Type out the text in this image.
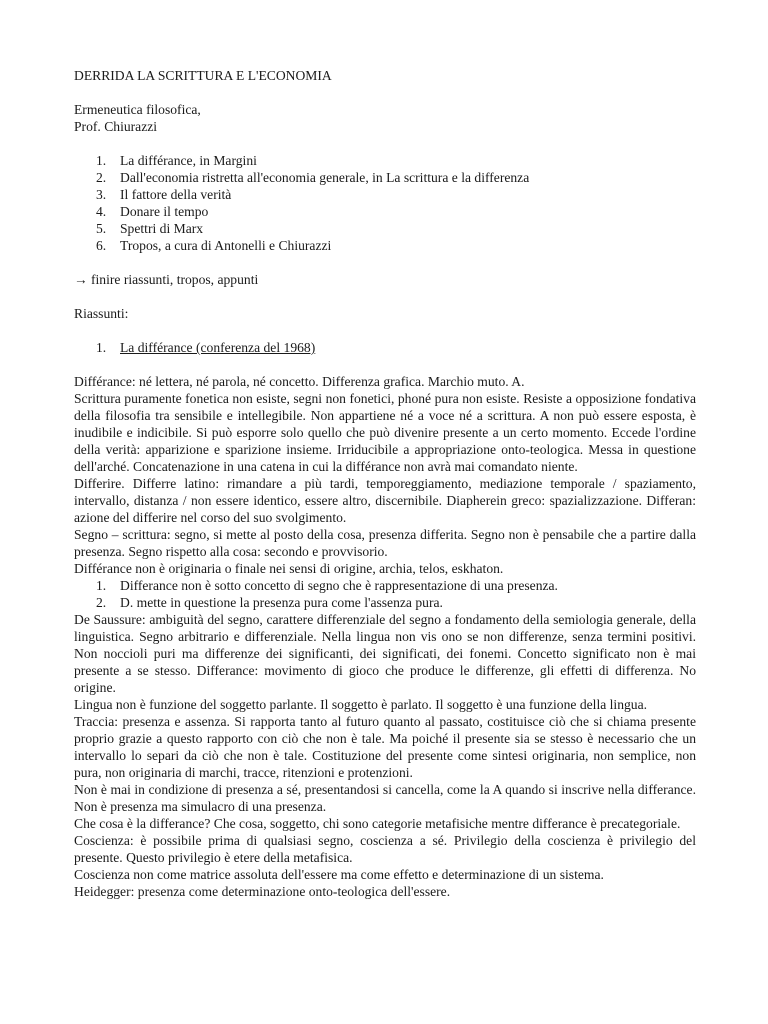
DERRIDA LA SCRITTURA E L'ECONOMIA

Ermeneutica filosofica,

Prof. Chiurazzi

1. La différance, in Margini
2. Dall'economia ristretta all'economia generale, in La scrittura e la differenza
3. Il fattore della verità
4. Donare il tempo
5. Spettri di Marx
6. Tropos, a cura di Antonelli e Chiurazzi

→ finire riassunti, tropos, appunti

Riassunti:

1. La différance (conferenza del 1968)

Différance: né lettera, né parola, né concetto. Differenza grafica. Marchio muto. A.

Scrittura puramente fonetica non esiste, segni non fonetici, phoné pura non esiste. Resiste a opposizione fondativa della filosofia tra sensibile e intellegibile. Non appartiene né a voce né a scrittura. A non può essere esposta, è inudibile e indicibile. Si può esporre solo quello che può divenire presente a un certo momento. Eccede l'ordine della verità: apparizione e sparizione insieme. Irriducibile a appropriazione onto-teologica. Messa in questione dell'arché. Concatenazione in una catena in cui la différance non avrà mai comandato niente.

Differire. Differre latino: rimandare a più tardi, temporeggiamento, mediazione temporale / spaziamento, intervallo, distanza / non essere identico, essere altro, discernibile. Diapherein greco: spazializzazione. Differan: azione del differire nel corso del suo svolgimento.

Segno – scrittura: segno, si mette al posto della cosa, presenza differita. Segno non è pensabile che a partire dalla presenza. Segno rispetto alla cosa: secondo e provvisorio.

Différance non è originaria o finale nei sensi di origine, archia, telos, eskhaton.

1. Differance non è sotto concetto di segno che è rappresentazione di una presenza.
2. D. mette in questione la presenza pura come l'assenza pura.

De Saussure: ambiguità del segno, carattere differenziale del segno a fondamento della semiologia generale, della linguistica. Segno arbitrario e differenziale. Nella lingua non vis ono se non differenze, senza termini positivi. Non noccioli puri ma differenze dei significanti, dei significati, dei fonemi. Concetto significato non è mai presente a se stesso. Differance: movimento di gioco che produce le differenze, gli effetti di differenza. No origine.

Lingua non è funzione del soggetto parlante. Il soggetto è parlato. Il soggetto è una funzione della lingua.

Traccia: presenza e assenza. Si rapporta tanto al futuro quanto al passato, costituisce ciò che si chiama presente proprio grazie a questo rapporto con ciò che non è tale. Ma poiché il presente sia se stesso è necessario che un intervallo lo separi da ciò che non è tale. Costituzione del presente come sintesi originaria, non semplice, non pura, non originaria di marchi, tracce, ritenzioni e protenzioni.

Non è mai in condizione di presenza a sé, presentandosi si cancella, come la A quando si inscrive nella differance. Non è presenza ma simulacro di una presenza.

Che cosa è la differance? Che cosa, soggetto, chi sono categorie metafisiche mentre differance è precategoriale.

Coscienza: è possibile prima di qualsiasi segno, coscienza a sé. Privilegio della coscienza è privilegio del presente. Questo privilegio è etere della metafisica.

Coscienza non come matrice assoluta dell'essere ma come effetto e determinazione di un sistema.

Heidegger: presenza come determinazione onto-teologica dell'essere.
